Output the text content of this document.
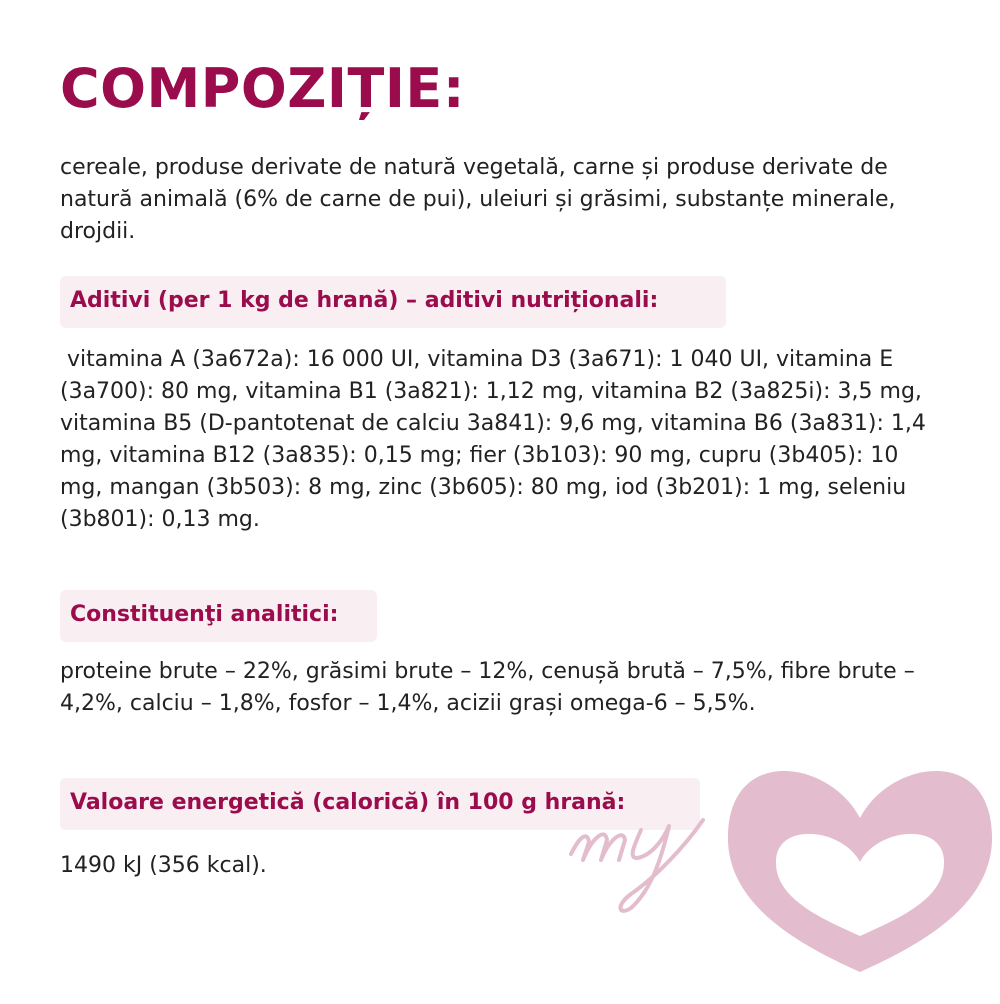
COMPOZIȚIE:

cereale, produse derivate de natură vegetală, carne și produse derivate de natură animală (6% de carne de pui), uleiuri și grăsimi, substanțe minerale, drojdii.

Aditivi (per 1 kg de hrană) – aditivi nutriționali:

vitamina A (3a672a): 16 000 UI, vitamina D3 (3a671): 1 040 UI, vitamina E (3a700): 80 mg, vitamina B1 (3a821): 1,12 mg, vitamina B2 (3a825i): 3,5 mg, vitamina B5 (D-pantotenat de calciu 3a841): 9,6 mg, vitamina B6 (3a831): 1,4 mg, vitamina B12 (3a835): 0,15 mg; fier (3b103): 90 mg, cupru (3b405): 10 mg, mangan (3b503): 8 mg, zinc (3b605): 80 mg, iod (3b201): 1 mg, seleniu (3b801): 0,13 mg.

Constituenţi analitici:

proteine brute – 22%, grăsimi brute – 12%, cenușă brută – 7,5%, fibre brute – 4,2%, calciu – 1,8%, fosfor – 1,4%, acizii grași omega-6 – 5,5%.

Valoare energetică (calorică) în 100 g hrană:

1490 kJ (356 kcal).
